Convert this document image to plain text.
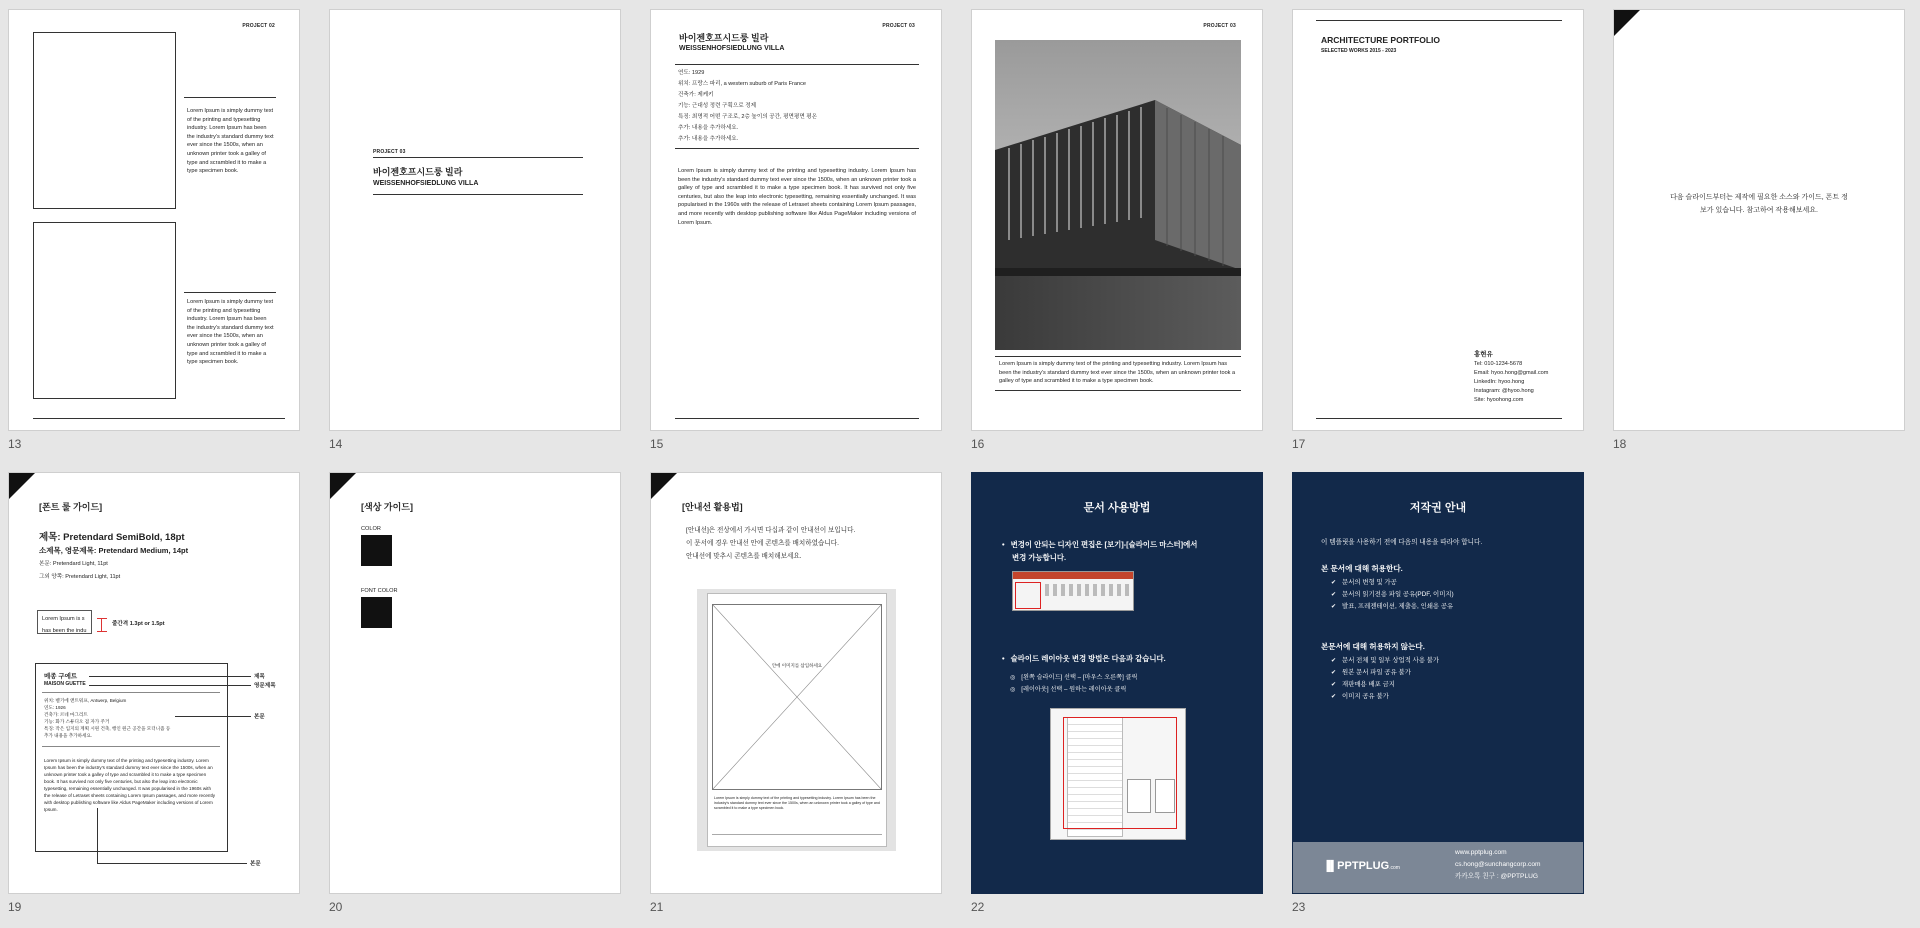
PROJECT 02
Lorem Ipsum is simply dummy text of the printing and typesetting industry. Lorem Ipsum has been the industry's standard dummy text ever since the 1500s, when an unknown printer took a galley of type and scrambled it to make a type specimen book.
Lorem Ipsum is simply dummy text of the printing and typesetting industry. Lorem Ipsum has been the industry's standard dummy text ever since the 1500s, when an unknown printer took a galley of type and scrambled it to make a type specimen book.
13
PROJECT 03
바이젠호프시드룽 빌라
WEISSENHOFSIEDLUNG VILLA
14
PROJECT 03
바이젠호프시드룽 빌라
WEISSENHOFSIEDLUNG VILLA
연도: 1929
위치: 프랑스 파리, a western suburb of Paris France
건축가: 제케키
기능: 근대성 정련 구획으로 정제
특징: 최명적 어떤 구조로, 2층 높이의 공간, 평면평면 평온
추가: 내용을 추가하세요.
추가: 내용을 추가하세요.
Lorem Ipsum is simply dummy text of the printing and typesetting industry. Lorem Ipsum has been the industry's standard dummy text ever since the 1500s, when an unknown printer took a galley of type and scrambled it to make a type specimen book. It has survived not only five centuries, but also the leap into electronic typesetting, remaining essentially unchanged. It was popularised in the 1960s with the release of Letraset sheets containing Lorem Ipsum passages, and more recently with desktop publishing software like Aldus PageMaker including versions of Lorem Ipsum.
15
PROJECT 03
Lorem Ipsum is simply dummy text of the printing and typesetting industry. Lorem Ipsum has been the industry's standard dummy text ever since the 1500s, when an unknown printer took a galley of type and scrambled it to make a type specimen book.
16
ARCHITECTURE PORTFOLIO
SELECTED WORKS 2015 - 2023
홍현유
Tel: 010-1234-5678
Email: hyoo.hong@gmail.com
LinkedIn: hyoo.hong
Instagram: @hyoo.hong
Site: hyoohong.com
17
다음 슬라이드부터는 제작에 필요한 소스와 가이드, 폰트 정
보가 있습니다. 참고하여 작용해보세요.
18
[폰트 룰 가이드]
제목: Pretendard SemiBold, 18pt
소제목, 영문제목: Pretendard Medium, 14pt
본문: Pretendard Light, 11pt
그외 양쪽: Pretendard Light, 11pt
Lorem Ipsum is s
has been the indu
줄간격 1.3pt or 1.5pt
메종 구에트
MAISON GUETTE
위치: 벨기에 앤트워프, Antwerp, Belgium
연도: 1926
건축가: 르네 마그리트
기능: 화가 스튜디오 겸 자가 주거
특징: 작은 입지의 계획 시원 건축, 행인 원근 공간을 모더니즘 등
추가 내용을 추가하세요.
Lorem Ipsum is simply dummy text of the printing and typesetting industry. Lorem Ipsum has been the industry's standard dummy text ever since the 1500s, when an unknown printer took a galley of type and scrambled it to make a type specimen book. It has survived not only five centuries, but also the leap into electronic typesetting, remaining essentially unchanged. It was popularised in the 1960s with the release of Letraset sheets containing Lorem Ipsum passages, and more recently with desktop publishing software like Aldus PageMaker including versions of Lorem Ipsum.
제목
영문제목
본문
본문
19
[색상 가이드]
COLOR
FONT COLOR
20
[안내선 활용법]
[안내선]은 전상에서 가시면 다십과 같이 안내선이 보입니다.
이 문서에 경우 안내선 안에 콘텐츠를 배치하였습니다.
안내선에 맞추시 콘텐츠를 배치해보세요.
안에 이미지를 삽입하세요
Lorem Ipsum is simply dummy text of the printing and typesetting industry. Lorem Ipsum has been the industry's standard dummy text ever since the 1500s, when an unknown printer took a galley of type and scrambled it to make a type specimen book.
21
문서 사용방법
• 변경이 안되는 디자인 편집은 [보기]-[슬라이드 마스터]에서
변경 가능합니다.
• 슬라이드 레이아웃 변경 방법은 다음과 같습니다.
◎ [왼쪽 슬라이드] 선택 – [마우스 오른쪽] 클릭
◎ [레이아웃] 선택 – 원하는 레이아웃 클릭
22
저작권 안내
이 템플릿을 사용하기 전에 다음의 내용을 따라야 합니다.
본 문서에 대해 허용한다.
✔ 문서의 변형 및 가공
✔ 문서의 읽기전용 파일 공유(PDF, 이미지)
✔ 발표, 프레젠테이션, 제출용, 인쇄용 공유
본문서에 대해 허용하지 않는다.
✔ 문서 전체 및 일부 상업적 사용 불가
✔ 원본 문서 파일 공유 불가
✔ 재판매용 배포 금지
✔ 이미지 공유 불가
▐▌PPTPLUG.com
www.pptplug.com
cs.hong@sunchangcorp.com
카카오톡 친구 : @PPTPLUG
23
